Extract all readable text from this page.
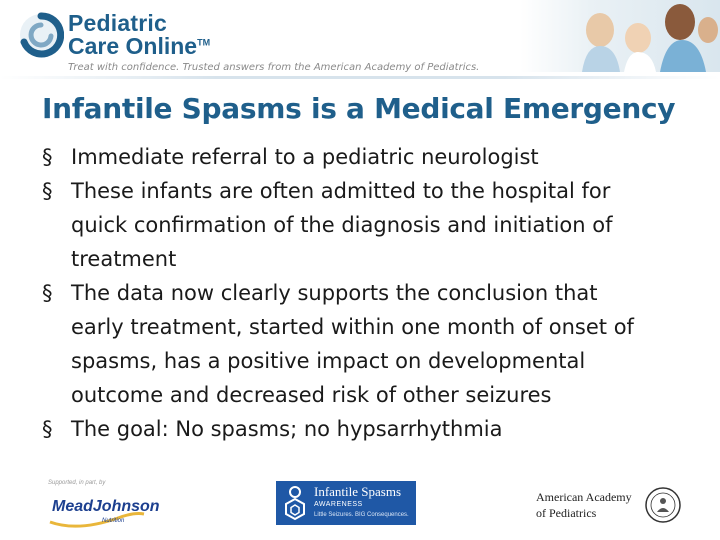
Pediatric
Care Online™
Treat with confidence. Trusted answers from the American Academy of Pediatrics.
Infantile Spasms is a Medical Emergency
§ Immediate referral to a pediatric neurologist
§ These infants are often admitted to the hospital for
quick confirmation of the diagnosis and initiation of
treatment
§ The data now clearly supports the conclusion that
early treatment, started within one month of onset of
spasms, has a positive impact on developmental
outcome and decreased risk of other seizures
§ The goal: No spasms; no hypsarrhythmia
Supported, in part, by
MeadJohnson
Nutrition
Infantile Spasms
AWARENESS
Little Seizures. BIG Consequences.
American Academy
of Pediatrics
